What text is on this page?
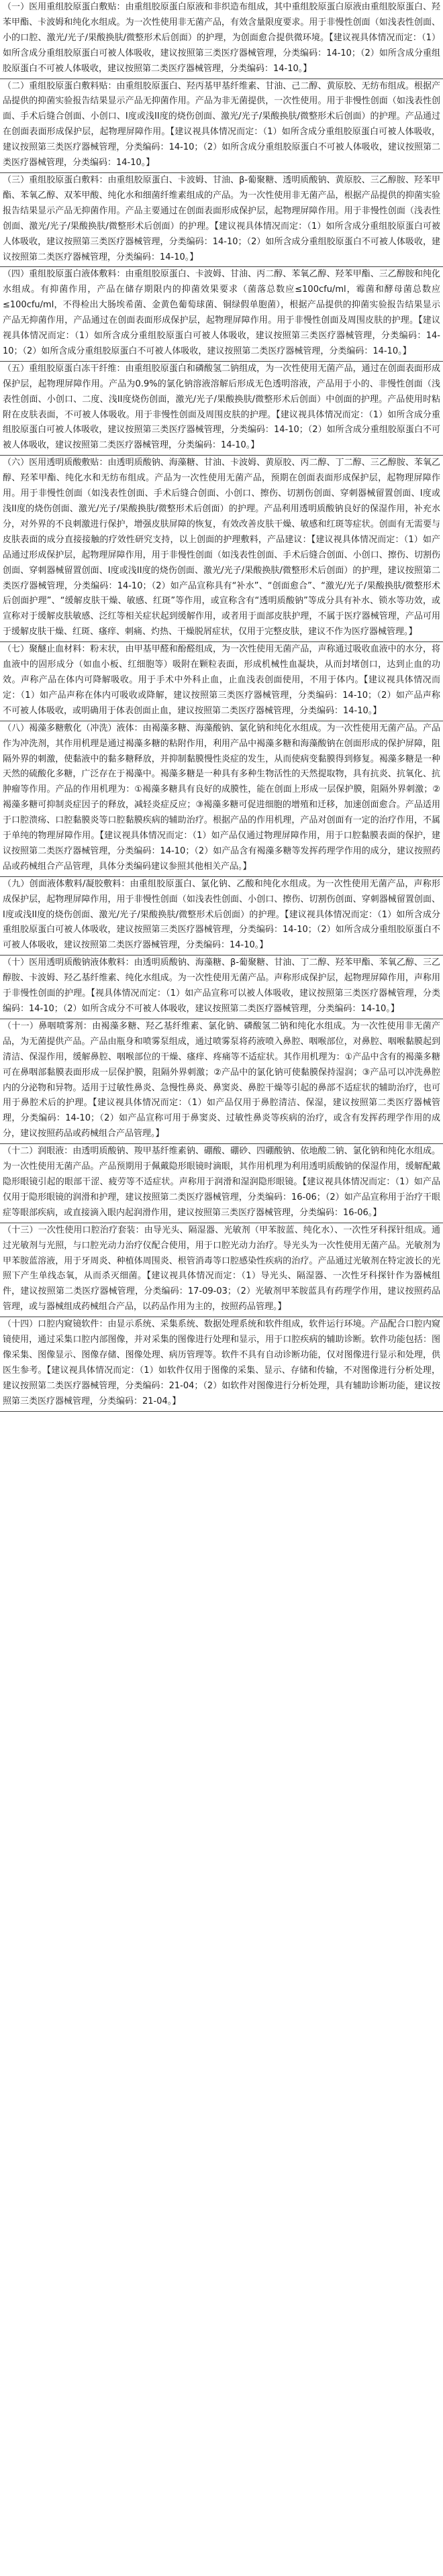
（一）医用重组胶原蛋白敷贴：由重组胶原蛋白原液和非织造布组成，其中重组胶原蛋白原液由重组胶原蛋白、羟苯甲酯、卡波姆和纯化水组成。为一次性使用非无菌产品，有效含量限度要求。用于非慢性创面（如浅表性创面、小的口腔、激光/光子/果酸换肤/微整形术后创面）的护理，为创面愈合提供微环境。【建议视具体情况而定：（1）如所含成分重组胶原蛋白可被人体吸收，建议按照第三类医疗器械管理，分类编码：14-10；（2）如所含成分重组胶原蛋白不可被人体吸收，建议按照第二类医疗器械管理，分类编码：14-10。】

（二）重组胶原蛋白敷料贴：由重组胶原蛋白、羟丙基甲基纤维素、甘油、己二醇、黄原胶、无纺布组成。根据产品提供的抑菌实验报告结果显示产品无抑菌作用。产品为非无菌提供，一次性使用。用于非慢性创面（如浅表性创面、手术后缝合创面、小创口、I度或浅II度的烧伤创面、激光/光子/果酸换肤/微整形术后创面）的护理。产品通过在创面表面形成保护层，起物理屏障作用。【建议视具体情况而定：（1）如所含成分重组胶原蛋白可被人体吸收，建议按照第三类医疗器械管理，分类编码：14-10；（2）如所含成分重组胶原蛋白不可被人体吸收，建议按照第二类医疗器械管理，分类编码：14-10。】

（三）重组胶原蛋白敷料：由重组胶原蛋白、卡波姆、甘油、β-葡聚糖、透明质酸钠、黄原胶、三乙醇胺、羟苯甲酯、苯氧乙醇、双苯甲酸、纯化水和细菌纤维素组成的产品。为一次性使用非无菌产品，根据产品提供的抑菌实验报告结果显示产品无抑菌作用。产品主要通过在创面表面形成保护层，起物理屏障作用。用于非慢性创面（浅表性创面、激光/光子/果酸换肤/微整形术后创面）的护理。【建议视具体情况而定：（1）如所含成分重组胶原蛋白可被人体吸收，建议按照第三类医疗器械管理，分类编码：14-10；（2）如所含成分重组胶原蛋白不可被人体吸收，建议按照第二类医疗器械管理，分类编码：14-10。】

（四）重组胶原蛋白液体敷料：由重组胶原蛋白、卡波姆、甘油、丙二醇、苯氧乙醇、羟苯甲酯、三乙醇胺和纯化水组成。有抑菌作用，产品在储存期限内的抑菌效果要求（菌落总数应≤100cfu/ml，霉菌和酵母菌总数应≤100cfu/ml，不得检出大肠埃希菌、金黄色葡萄球菌、铜绿假单胞菌），根据产品提供的抑菌实验报告结果显示产品无抑菌作用，产品通过在创面表面形成保护层，起物理屏障作用。用于非慢性创面及周围皮肤的护理。【建议视具体情况而定：（1）如所含成分重组胶原蛋白可被人体吸收，建议按照第三类医疗器械管理，分类编码：14-10；（2）如所含成分重组胶原蛋白不可被人体吸收，建议按照第二类医疗器械管理，分类编码：14-10。】

（五）重组胶原蛋白冻干纤维：由重组胶原蛋白和磷酸氢二钠组成，为一次性使用无菌产品，通过在创面表面形成保护层，起物理屏障作用。产品为0.9%的氯化钠溶液溶解后形成无色透明溶液，产品用于小的、非慢性创面（浅表性创面、小创口、二度、浅II度烧伤创面，激光/光子/果酸换肤/微整形术后创面）中创面的护理。产品使用时粘附在皮肤表面，不可被人体吸收。用于非慢性创面及周围皮肤的护理。【建议视具体情况而定：（1）如所含成分重组胶原蛋白可被人体吸收，建议按照第三类医疗器械管理，分类编码：14-10；（2）如所含成分重组胶原蛋白不可被人体吸收，建议按照第二类医疗器械管理，分类编码：14-10。】

（六）医用透明质酸敷贴：由透明质酸钠、海藻糖、甘油、卡波姆、黄原胶、丙二醇、丁二醇、三乙醇胺、苯氧乙醇、羟苯甲酯、纯化水和无纺布组成。产品为一次性使用无菌产品，预期在创面表面形成保护层，起物理屏障作用。用于非慢性创面（如浅表性创面、手术后缝合创面、小创口、擦伤、切割伤创面、穿刺器械留置创面、I度或浅II度的烧伤创面、激光/光子/果酸换肤/微整形术后创面）的护理。产品利用透明质酸钠良好的保湿作用，补充水分，对外界的不良刺激进行保护，增强皮肤屏障的恢复，有效改善皮肤干燥、敏感和红斑等症状。创面有无需要与皮肤表面的成分直接接触的疗效性研究支持，以上创面的护理敷料，产品建议：【建议视具体情况而定：（1）如产品通过形成保护层，起物理屏障作用，用于非慢性创面（如浅表性创面、手术后缝合创面、小创口、擦伤、切割伤创面、穿刺器械留置创面、I度或浅II度的烧伤创面、激光/光子/果酸换肤/微整形术后创面）的护理，建议按照第二类医疗器械管理，分类编码：14-10；（2）如产品宣称具有“补水”、“创面愈合”、“激光/光子/果酸换肤/微整形术后创面护理”、“缓解皮肤干燥、敏感、红斑”等作用，或宣称含有“透明质酸钠”等成分具有补水、锁水等功效，或宣称对于缓解皮肤敏感、泛红等相关症状起到缓解作用，或者用于面部皮肤护理，不属于医疗器械管理，产品可用于缓解皮肤干燥、红斑、瘙痒、刺痛、灼热、干燥脱屑症状，仅用于完整皮肤，建议不作为医疗器械管理。】

（七）聚醚止血材料：粉末状，由甲基甲醛和酚醛组成，为一次性使用无菌产品，声称通过吸收血液中的水分，将血液中的固形成分（如血小板、红细胞等）吸附在颗粒表面，形成机械性血凝块，从而封堵创口，达到止血的功效。声称产品在体内可降解吸收。用于手术中外科止血，止血浅表创面使用，不用于体内。【建议视具体情况而定：（1）如产品声称在体内可吸收或降解，建议按照第三类医疗器械管理，分类编码：14-10；（2）如产品声称不可被人体吸收，或明确用于体表创面止血，建议按照第二类医疗器械管理，分类编码：14-10。】

（八）褐藻多糖敷化（冲洗）液体：由褐藻多糖、海藻酸钠、氯化钠和纯化水组成。为一次性使用无菌产品。产品作为冲洗剂，其作用机理是通过褐藻多糖的粘附作用，利用产品中褐藻多糖和海藻酸钠在创面形成的保护屏障，阻隔外界的刺激，使黏液中的黏多糖释放，并抑制黏膜慢性炎症的发生，从而使病变黏膜得到修复。褐藻多糖是一种天然的硫酸化多糖，广泛存在于褐藻中。褐藻多糖是一种具有多种生物活性的天然提取物，具有抗炎、抗氧化、抗肿瘤等作用。产品的作用机理为：①褐藻多糖具有良好的成膜性，能在创面上形成一层保护膜，阻隔外界刺激；②褐藻多糖可抑制炎症因子的释放，减轻炎症反应；③褐藻多糖可促进细胞的增殖和迁移，加速创面愈合。产品适用于口腔溃疡、口腔黏膜炎等口腔黏膜疾病的辅助治疗。根据产品的作用机理，产品对创面有一定的治疗作用，不属于单纯的物理屏障作用。【建议视具体情况而定：（1）如产品仅通过物理屏障作用，用于口腔黏膜表面的保护，建议按照第二类医疗器械管理，分类编码：14-10；（2）如产品含有褐藻多糖等发挥药理学作用的成分，建议按照药品或药械组合产品管理，具体分类编码建议参照其他相关产品。】

（九）创面液体敷料/凝胶敷料：由重组胶原蛋白、氯化钠、乙酸和纯化水组成。为一次性使用无菌产品，声称形成保护层，起物理屏障作用，用于非慢性创面（如浅表性创面、小创口、擦伤、切割伤创面、穿刺器械留置创面、I度或浅II度的烧伤创面、激光/光子/果酸换肤/微整形术后创面）的护理。【建议视具体情况而定：（1）如所含成分重组胶原蛋白可被人体吸收，建议按照第三类医疗器械管理，分类编码：14-10；（2）如所含成分重组胶原蛋白不可被人体吸收，建议按照第二类医疗器械管理，分类编码：14-10。】

（十）医用透明质酸钠液体敷料：由透明质酸钠、海藻糖、β-葡聚糖、甘油、丁二醇、羟苯甲酯、苯氧乙醇、三乙醇胺、卡波姆、羟乙基纤维素、纯化水组成。为一次性使用无菌产品。声称形成保护层，起物理屏障作用，声称用于非慢性创面的护理。【视具体情况而定：（1）如产品宣称可以被人体吸收，建议按照第三类医疗器械管理，分类编码：14-10；（2）如所含成分不可被人体吸收，建议按照第二类医疗器械管理，分类编码：14-10。】

（十一）鼻咽喷雾剂：由褐藻多糖、羟乙基纤维素、氯化钠、磷酸氢二钠和纯化水组成。为一次性使用非无菌产品，为无菌提供产品。产品由瓶身和喷雾泵组成，通过喷雾泵将药液喷入鼻腔、咽喉部位，对鼻腔、咽喉黏膜起到清洁、保湿作用，缓解鼻腔、咽喉部位的干燥、瘙痒、疼痛等不适症状。其作用机理为：①产品中含有的褐藻多糖可在鼻咽部黏膜表面形成一层保护膜，阻隔外界刺激；②产品中的氯化钠可使黏膜保持湿润；③产品可以冲洗鼻腔内的分泌物和异物。适用于过敏性鼻炎、急慢性鼻炎、鼻窦炎、鼻腔干燥等引起的鼻部不适症状的辅助治疗，也可用于鼻腔术后的护理。【建议视具体情况而定：（1）如产品仅用于鼻腔清洁、保湿，建议按照第二类医疗器械管理，分类编码：14-10；（2）如产品宣称可用于鼻窦炎、过敏性鼻炎等疾病的治疗，或含有发挥药理学作用的成分，建议按照药品或药械组合产品管理。】

（十二）润眼液：由透明质酸钠、羧甲基纤维素钠、硼酸、硼砂、四硼酸钠、依地酸二钠、氯化钠和纯化水组成。为一次性使用无菌产品。产品预期用于佩戴隐形眼镜时滴眼，其作用机理为利用透明质酸钠的保湿作用，缓解配戴隐形眼镜引起的眼部干涩、疲劳等不适症状。声称用于润滑和湿润隐形眼镜。【建议视具体情况而定：（1）如产品仅用于隐形眼镜的润滑和护理，建议按照第二类医疗器械管理，分类编码：16-06；（2）如产品宣称用于治疗干眼症等眼部疾病，或直接滴入眼内起润滑作用，建议按照第三类医疗器械管理，分类编码：16-06。】

（十三）一次性使用口腔治疗套装：由导光头、隔湿器、光敏剂（甲苯胺蓝、纯化水）、一次性牙科探针组成。通过光敏剂与光照，与口腔光动力治疗仪配合使用，用于口腔光动力治疗。导光头为一次性使用无菌产品。光敏剂为甲苯胺蓝溶液，用于牙周炎、种植体周围炎、根管消毒等口腔感染性疾病的治疗。产品通过光敏剂在特定波长的光照下产生单线态氧，从而杀灭细菌。【建议视具体情况而定：（1）导光头、隔湿器、一次性牙科探针作为器械组件，建议按照第二类医疗器械管理，分类编码：17-09-03；（2）光敏剂甲苯胺蓝具有药理学作用，建议按照药品管理，或与器械组成药械组合产品，以药品作用为主的，按照药品管理。】

（十四）口腔内窥镜软件：由显示系统、采集系统、数据处理系统和软件组成，软件运行环境。产品配合口腔内窥镜使用，通过采集口腔内部图像，并对采集的图像进行处理和显示，用于口腔疾病的辅助诊断。软件功能包括：图像采集、图像显示、图像存储、图像处理、病历管理等。软件不具有自动诊断功能，仅对图像进行显示和处理，供医生参考。【建议视具体情况而定：（1）如软件仅用于图像的采集、显示、存储和传输，不对图像进行分析处理，建议按照第二类医疗器械管理，分类编码：21-04；（2）如软件对图像进行分析处理，具有辅助诊断功能，建议按照第三类医疗器械管理，分类编码：21-04。】
